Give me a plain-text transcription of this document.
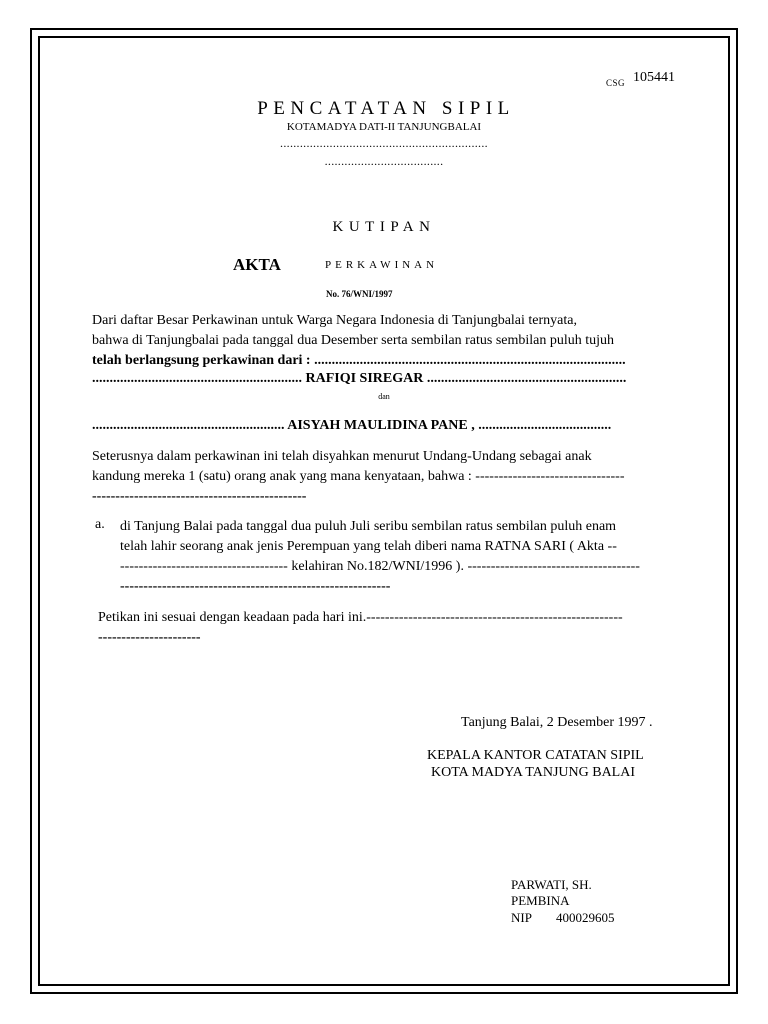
CSG 105441
PENCATATAN SIPIL
KOTAMADYA DATI-II TANJUNGBALAI
...............................................................
....................................
KUTIPAN
AKTA	PERKAWINAN
No. 76/WNI/1997
Dari daftar Besar Perkawinan untuk Warga Negara Indonesia di Tanjungbalai ternyata,
bahwa di Tanjungbalai pada tanggal dua Desember serta sembilan ratus sembilan puluh tujuh
telah berlangsung perkawinan dari : .........................................................................................
............................................................ RAFIQI SIREGAR .........................................................
dan
....................................................... AISYAH MAULIDINA PANE , ......................................
Seterusnya dalam perkawinan ini telah disyahkan menurut Undang-Undang sebagai anak
kandung mereka 1 (satu) orang anak yang mana kenyataan, bahwa : --------------------------------
----------------------------------------------
a. di Tanjung Balai pada tanggal dua puluh Juli seribu sembilan ratus sembilan puluh enam
telah lahir seorang anak jenis Perempuan yang telah diberi nama RATNA SARI ( Akta --
------------------------------------ kelahiran No.182/WNI/1996 ). -------------------------------------
----------------------------------------------------------
Petikan ini sesuai dengan keadaan pada hari ini.-------------------------------------------------------
----------------------
Tanjung Balai, 2 Desember 1997 .
KEPALA KANTOR CATATAN SIPIL
KOTA MADYA TANJUNG BALAI
PARWATI, SH.
PEMBINA
NIP 400029605
